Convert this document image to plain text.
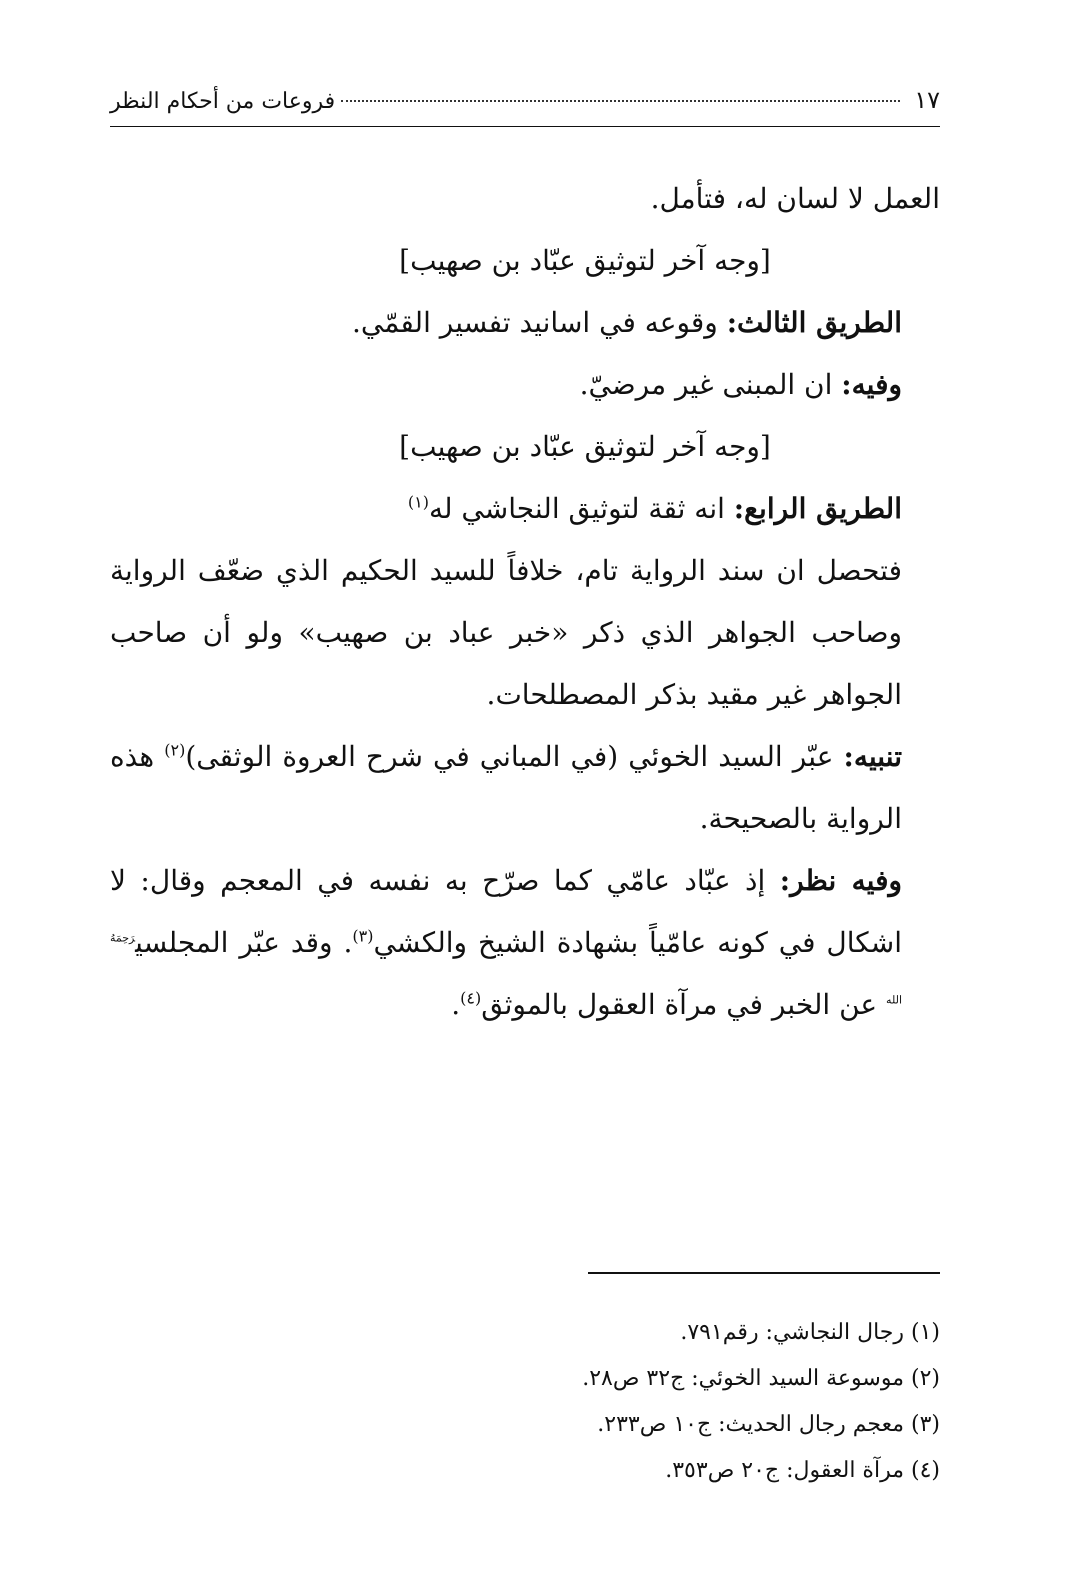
١٧
فروعات من أحكام النظر

العمل لا لسان له، فتأمل.

[وجه آخر لتوثيق عبّاد بن صهيب]

الطريق الثالث: وقوعه في اسانيد تفسير القمّي.

وفيه: ان المبنى غير مرضيّ.

[وجه آخر لتوثيق عبّاد بن صهيب]

الطريق الرابع: انه ثقة لتوثيق النجاشي له$^{(١)}$

فتحصل ان سند الرواية تام، خلافاً للسيد الحكيم الذي ضعّف الرواية وصاحب الجواهر الذي ذكر «خبر عباد بن صهيب» ولو أن صاحب الجواهر غير مقيد بذكر المصطلحات.

تنبيه: عبّر السيد الخوئي (في المباني في شرح العروة الوثقى)$^{(٢)}$ هذه الرواية بالصحيحة.

وفيه نظر: إذ عبّاد عامّي كما صرّح به نفسه في المعجم وقال: لا اشكال في كونه عامّياً بشهادة الشيخ والكشي$^{(٣)}$. وقد عبّر المجلسي$^{رَحِمَهُ الله}$ عن الخبر في مرآة العقول بالموثق$^{(٤)}$.

(١) رجال النجاشي: رقم٧٩١.

(٢) موسوعة السيد الخوئي: ج٣٢ ص٢٨.

(٣) معجم رجال الحديث: ج١٠ ص٢٣٣.

(٤) مرآة العقول: ج٢٠ ص٣٥٣.
